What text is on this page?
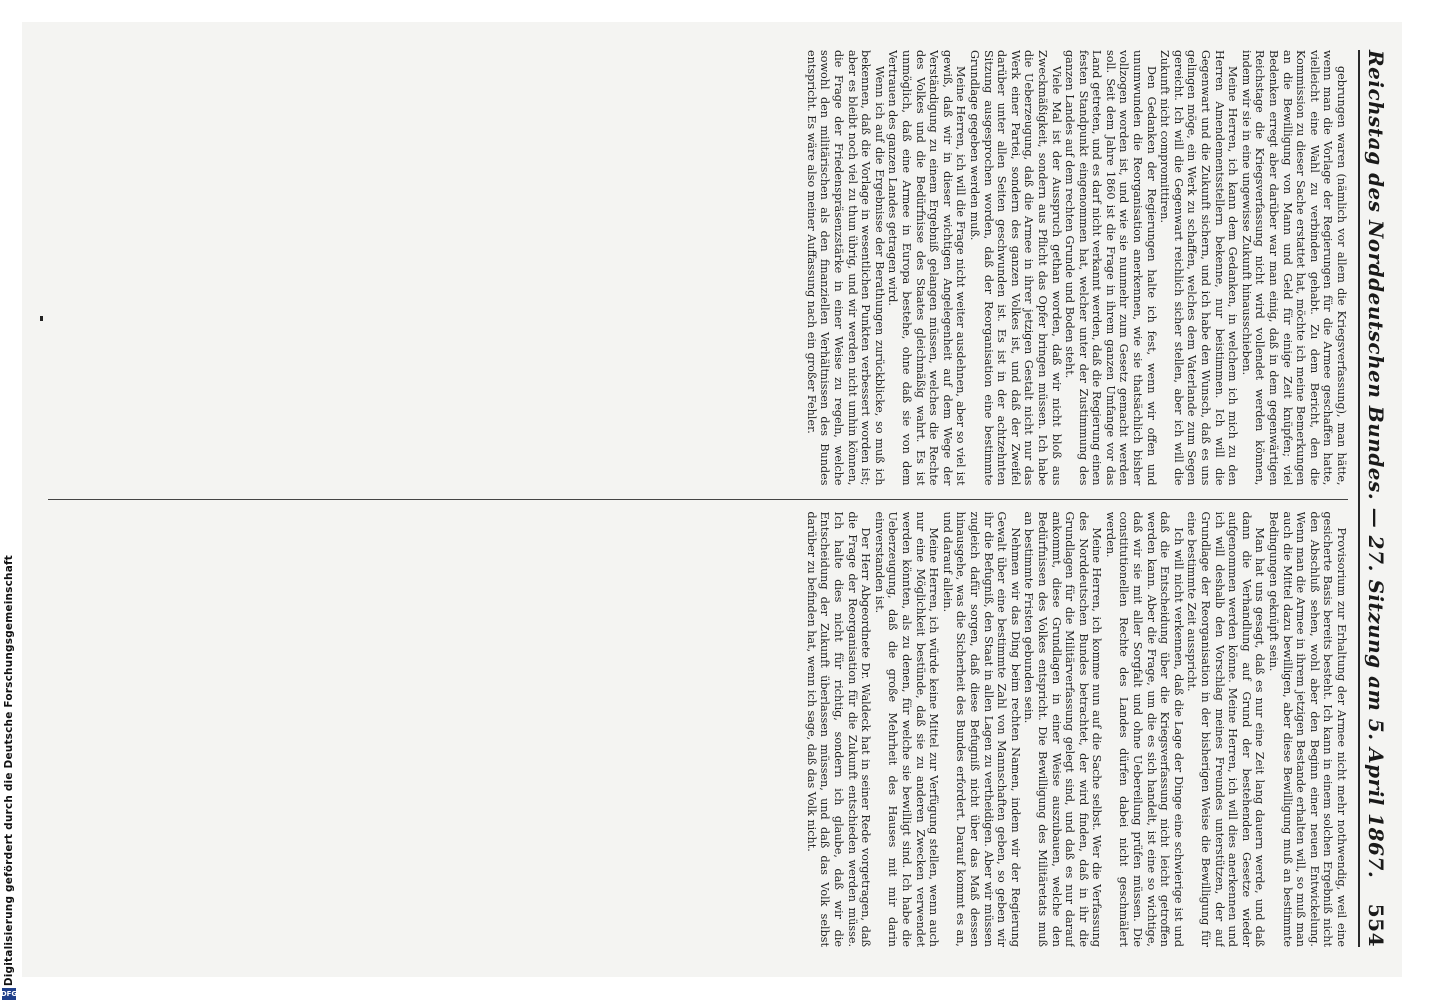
Reichstag des Norddeutschen Bundes. — 27. Sitzung am 5. April 1867.
554

gebrungen waren (nämlich vor allem die Kriegsverfassung), man hätte, wenn man die Vorlage der Regierungen für die Armee geschaffen hatte, vielleicht eine Wahl zu verbinden gehabt. Zu dem Bericht, den die Kommission zu dieser Sache erstattet hat, möchte ich meine Bemerkungen an die Bewilligung von Mann und Geld für einige Zeit knüpfen; viel Bedenken erregt aber darüber war man einig, daß in dem gegenwärtigen Reichstage die Kriegsverfassung nicht wird vollendet werden können, indem wir sie in eine ungewisse Zukunft hinausschieben.

Meine Herren, ich kann dem Gedanken, in welchem ich mich zu den Herren Amendementsstellern bekenne, nur beistimmen. Ich will die Gegenwart und die Zukunft sichern, und ich habe den Wunsch, daß es uns gelingen möge, ein Werk zu schaffen, welches dem Vaterlande zum Segen gereicht. Ich will die Gegenwart reichlich sicher stellen, aber ich will die Zukunft nicht compromittiren.

Den Gedanken der Regierungen halte ich fest, wenn wir offen und unumwunden die Reorganisation anerkennen, wie sie thatsächlich bisher vollzogen worden ist, und wie sie nunmehr zum Gesetz gemacht werden soll. Seit dem Jahre 1860 ist die Frage in ihrem ganzen Umfange vor das Land getreten, und es darf nicht verkannt werden, daß die Regierung einen festen Standpunkt eingenommen hat, welcher unter der Zustimmung des ganzen Landes auf dem rechten Grunde und Boden steht.

Viele Mal ist der Ausspruch gethan worden, daß wir nicht bloß aus Zweckmäßigkeit, sondern aus Pflicht das Opfer bringen müssen. Ich habe die Ueberzeugung, daß die Armee in ihrer jetzigen Gestalt nicht nur das Werk einer Partei, sondern des ganzen Volkes ist, und daß der Zweifel darüber unter allen Seiten geschwunden ist. Es ist in der achtzehnten Sitzung ausgesprochen worden, daß der Reorganisation eine bestimmte Grundlage gegeben werden muß.

Meine Herren, ich will die Frage nicht weiter ausdehnen, aber so viel ist gewiß, daß wir in dieser wichtigen Angelegenheit auf dem Wege der Verständigung zu einem Ergebniß gelangen müssen, welches die Rechte des Volkes und die Bedürfnisse des Staates gleichmäßig wahrt. Es ist unmöglich, daß eine Armee in Europa bestehe, ohne daß sie von dem Vertrauen des ganzen Landes getragen wird.

Wenn ich auf die Ergebnisse der Berathungen zurückblicke, so muß ich bekennen, daß die Vorlage in wesentlichen Punkten verbessert worden ist; aber es bleibt noch viel zu thun übrig, und wir werden nicht umhin können, die Frage der Friedenspräsenzstärke in einer Weise zu regeln, welche sowohl den militärischen als den finanziellen Verhältnissen des Bundes entspricht. Es wäre also meiner Auffassung nach ein großer Fehler.

Provisorium zur Erhaltung der Armee nicht mehr nothwendig, weil eine gesicherte Basis bereits besteht. Ich kann in einem solchen Ergebniß nicht den Abschluß sehen, wohl aber den Beginn einer neuen Entwickelung. Wenn man die Armee in ihrem jetzigen Bestande erhalten will, so muß man auch die Mittel dazu bewilligen, aber diese Bewilligung muß an bestimmte Bedingungen geknüpft sein.

Man hat uns gesagt, daß es nur eine Zeit lang dauern werde, und daß dann die Verhandlung auf Grund der bestehenden Gesetze wieder aufgenommen werden könne. Meine Herren, ich will dies anerkennen und ich will deshalb den Vorschlag meines Freundes unterstützen, der auf Grundlage der Reorganisation in der bisherigen Weise die Bewilligung für eine bestimmte Zeit ausspricht.

Ich will nicht verkennen, daß die Lage der Dinge eine schwierige ist und daß die Entscheidung über die Kriegsverfassung nicht leicht getroffen werden kann. Aber die Frage, um die es sich handelt, ist eine so wichtige, daß wir sie mit aller Sorgfalt und ohne Uebereilung prüfen müssen. Die constitutionellen Rechte des Landes dürfen dabei nicht geschmälert werden.

Meine Herren, ich komme nun auf die Sache selbst. Wer die Verfassung des Norddeutschen Bundes betrachtet, der wird finden, daß in ihr die Grundlagen für die Militärverfassung gelegt sind, und daß es nur darauf ankommt, diese Grundlagen in einer Weise auszubauen, welche den Bedürfnissen des Volkes entspricht. Die Bewilligung des Militäretats muß an bestimmte Fristen gebunden sein.

Nehmen wir das Ding beim rechten Namen, indem wir der Regierung Gewalt über eine bestimmte Zahl von Mannschaften geben, so geben wir ihr die Befugniß, den Staat in allen Lagen zu vertheidigen. Aber wir müssen zugleich dafür sorgen, daß diese Befugniß nicht über das Maß dessen hinausgehe, was die Sicherheit des Bundes erfordert. Darauf kommt es an, und darauf allein.

Meine Herren, ich würde keine Mittel zur Verfügung stellen, wenn auch nur eine Möglichkeit bestünde, daß sie zu anderen Zwecken verwendet werden könnten, als zu denen, für welche sie bewilligt sind. Ich habe die Ueberzeugung, daß die große Mehrheit des Hauses mit mir darin einverstanden ist.

Der Herr Abgeordnete Dr. Waldeck hat in seiner Rede vorgetragen, daß die Frage der Reorganisation für die Zukunft entschieden werden müsse. Ich halte dies nicht für richtig, sondern ich glaube, daß wir die Entscheidung der Zukunft überlassen müssen, und daß das Volk selbst darüber zu befinden hat, wenn ich sage, daß das Volk nicht.

Digitalisierung gefördert durch die Deutsche Forschungsgemeinschaft
DFG
